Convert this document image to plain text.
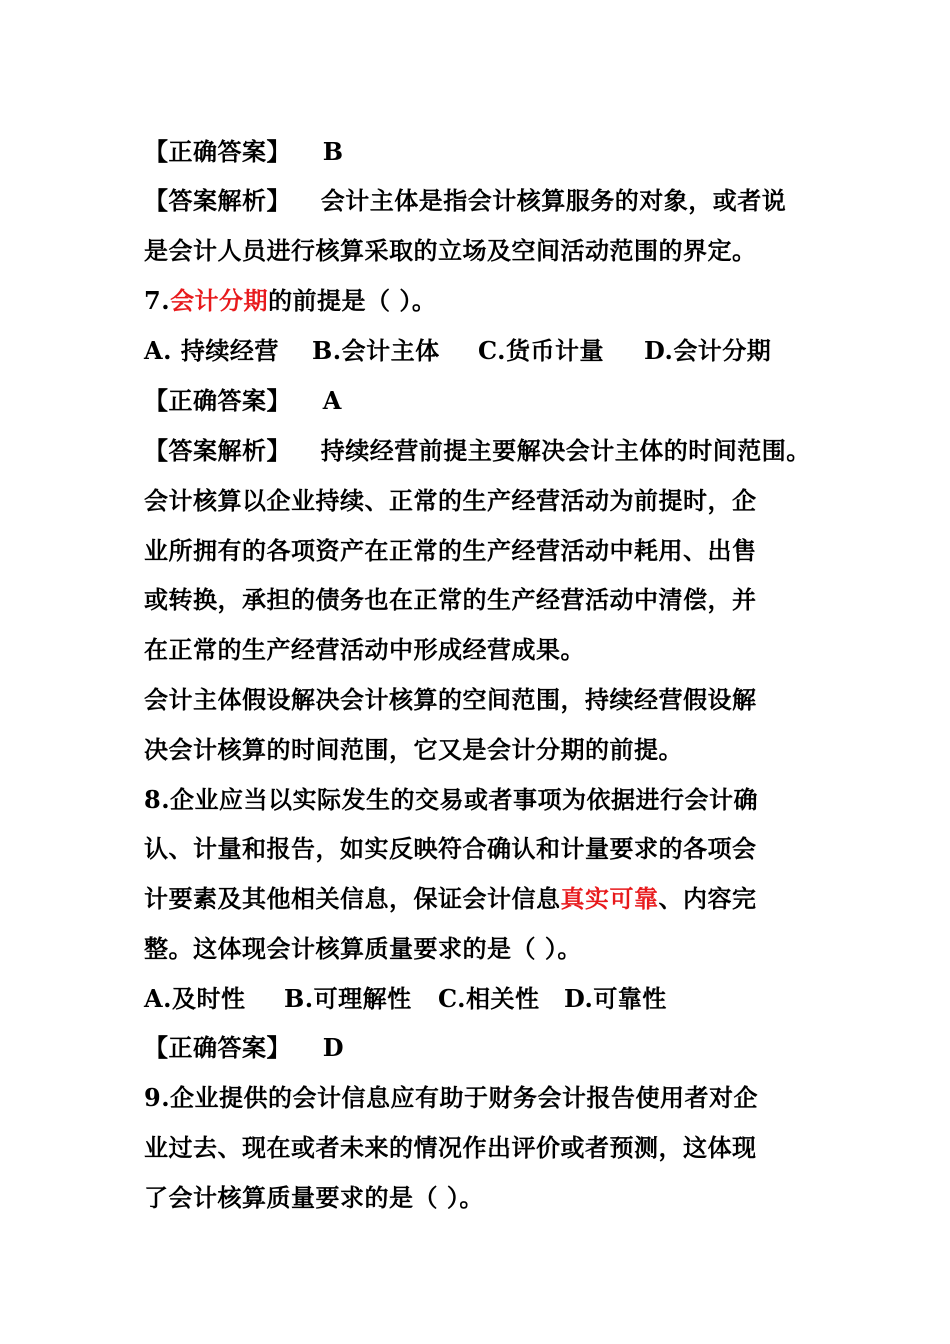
【正确答案】 B
【答案解析】 会计主体是指会计核算服务的对象，或者说
是会计人员进行核算采取的立场及空间活动范围的界定。
7.会计分期的前提是（ ）。
A. 持续经营 B.会计主体 C.货币计量 D.会计分期
【正确答案】 A
【答案解析】 持续经营前提主要解决会计主体的时间范围。
会计核算以企业持续、正常的生产经营活动为前提时，企
业所拥有的各项资产在正常的生产经营活动中耗用、出售
或转换，承担的债务也在正常的生产经营活动中清偿，并
在正常的生产经营活动中形成经营成果。
会计主体假设解决会计核算的空间范围，持续经营假设解
决会计核算的时间范围，它又是会计分期的前提。
8.企业应当以实际发生的交易或者事项为依据进行会计确
认、计量和报告，如实反映符合确认和计量要求的各项会
计要素及其他相关信息，保证会计信息真实可靠、内容完
整。这体现会计核算质量要求的是（ ）。
A.及时性 B.可理解性 C.相关性 D.可靠性
【正确答案】 D
9.企业提供的会计信息应有助于财务会计报告使用者对企
业过去、现在或者未来的情况作出评价或者预测，这体现
了会计核算质量要求的是（ ）。
